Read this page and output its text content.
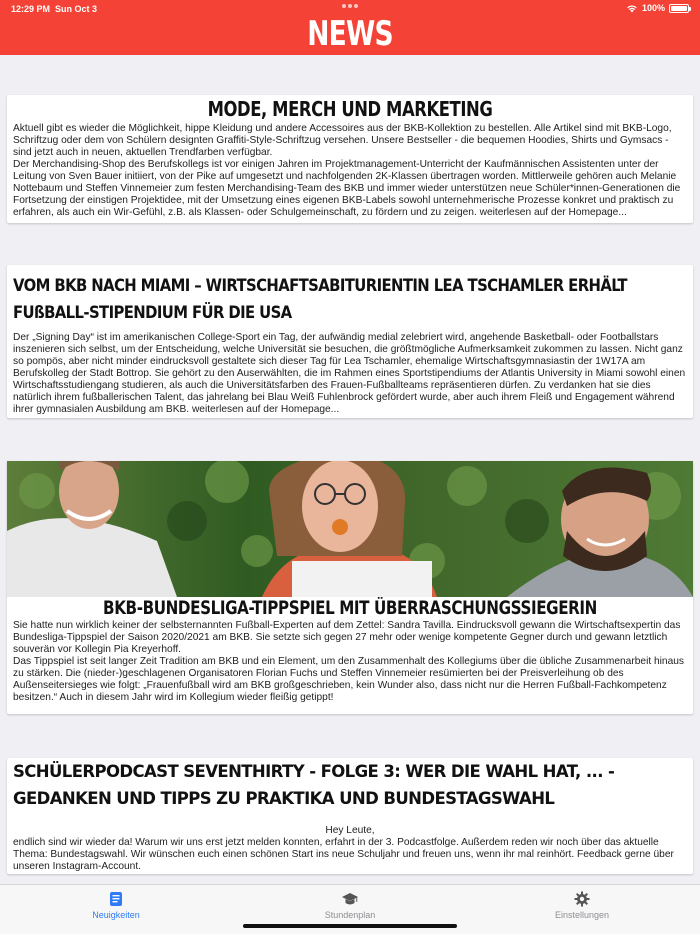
12:29 PM Sun Oct 3	100%
NEWS
MODE, MERCH UND MARKETING

Aktuell gibt es wieder die Möglichkeit, hippe Kleidung und andere Accessoires aus der BKB-Kollektion zu bestellen. Alle Artikel sind mit BKB-Logo, Schriftzug oder dem von Schülern designten Graffiti-Style-Schriftzug versehen. Unsere Bestseller - die bequemen Hoodies, Shirts und Gymsacs - sind jetzt auch in neuen, aktuellen Trendfarben verfügbar.

Der Merchandising-Shop des Berufskollegs ist vor einigen Jahren im Projektmanagement-Unterricht der Kaufmännischen Assistenten unter der Leitung von Sven Bauer initiiert, von der Pike auf umgesetzt und nachfolgenden 2K-Klassen übertragen worden. Mittlerweile gehören auch Melanie Nottebaum und Steffen Vinnemeier zum festen Merchandising-Team des BKB und immer wieder unterstützen neue Schüler*innen-Generationen die Fortsetzung der einstigen Projektidee, mit der Umsetzung eines eigenen BKB-Labels sowohl unternehmerische Prozesse konkret und praktisch zu erfahren, als auch ein Wir-Gefühl, z.B. als Klassen- oder Schulgemeinschaft, zu fördern und zu zeigen. weiterlesen auf der Homepage...

VOM BKB NACH MIAMI – WIRTSCHAFTSABITURIENTIN LEA TSCHAMLER ERHÄLT FUßBALL-STIPENDIUM FÜR DIE USA

Der „Signing Day“ ist im amerikanischen College-Sport ein Tag, der aufwändig medial zelebriert wird, angehende Basketball- oder Footballstars inszenieren sich selbst, um der Entscheidung, welche Universität sie besuchen, die größtmögliche Aufmerksamkeit zukommen zu lassen. Nicht ganz so pompös, aber nicht minder eindrucksvoll gestaltete sich dieser Tag für Lea Tschamler, ehemalige Wirtschaftsgymnasiastin der 1W17A am Berufskolleg der Stadt Bottrop. Sie gehört zu den Auserwählten, die im Rahmen eines Sportstipendiums der Atlantis University in Miami sowohl einen Wirtschaftsstudiengang studieren, als auch die Universitätsfarben des Frauen-Fußballteams repräsentieren dürfen. Zu verdanken hat sie dies natürlich ihrem fußballerischen Talent, das jahrelang bei Blau Weiß Fuhlenbrock gefördert wurde, aber auch ihrem Fleiß und Engagement während ihrer gymnasialen Ausbildung am BKB. weiterlesen auf der Homepage...

BKB-BUNDESLIGA-TIPPSPIEL MIT ÜBERRASCHUNGSSIEGERIN

Sie hatte nun wirklich keiner der selbsternannten Fußball-Experten auf dem Zettel: Sandra Tavilla. Eindrucksvoll gewann die Wirtschaftsexpertin das Bundesliga-Tippspiel der Saison 2020/2021 am BKB. Sie setzte sich gegen 27 mehr oder wenige kompetente Gegner durch und gewann letztlich souverän vor Kollegin Pia Kreyerhoff.

Das Tippspiel ist seit langer Zeit Tradition am BKB und ein Element, um den Zusammenhalt des Kollegiums über die übliche Zusammenarbeit hinaus zu stärken. Die (nieder-)geschlagenen Organisatoren Florian Fuchs und Steffen Vinnemeier resümierten bei der Preisverleihung ob des Außenseitersieges wie folgt: „Frauenfußball wird am BKB großgeschrieben, kein Wunder also, dass nicht nur die Herren Fußball-Fachkompetenz besitzen.“ Auch in diesem Jahr wird im Kollegium wieder fleißig getippt!

SCHÜLERPODCAST SEVENTHIRTY - FOLGE 3: WER DIE WAHL HAT, ... - GEDANKEN UND TIPPS ZU PRAKTIKA UND BUNDESTAGSWAHL

Hey Leute,

endlich sind wir wieder da! Warum wir uns erst jetzt melden konnten, erfahrt in der 3. Podcastfolge. Außerdem reden wir noch über das aktuelle Thema: Bundestagswahl. Wir wünschen euch einen schönen Start ins neue Schuljahr und freuen uns, wenn ihr mal reinhört. Feedback gerne über unseren Instagram-Account.

Neuigkeiten	Stundenplan	Einstellungen
